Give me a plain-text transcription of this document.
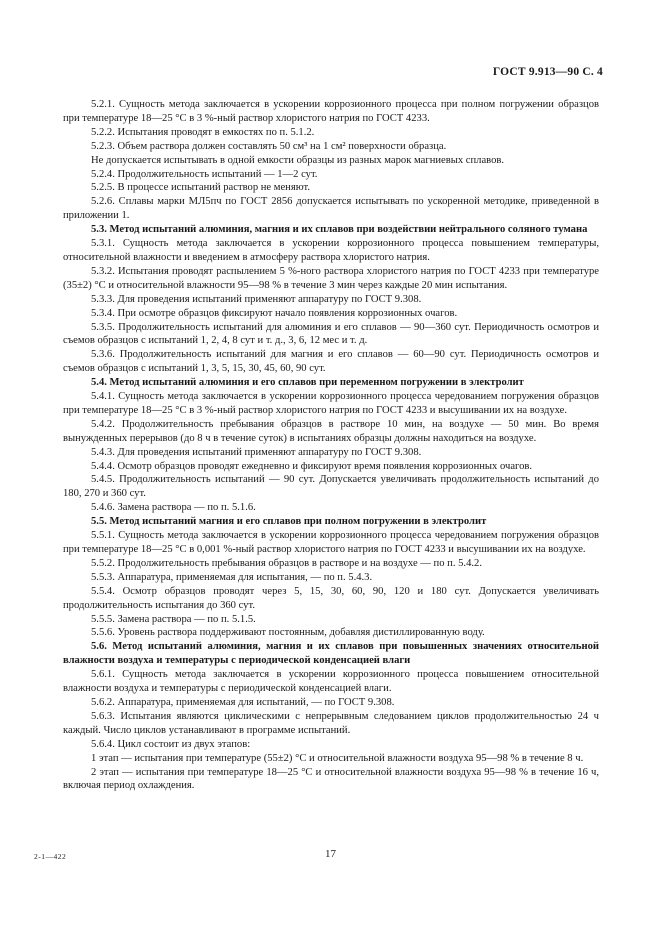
ГОСТ 9.913—90 С. 4

5.2.1. Сущность метода заключается в ускорении коррозионного процесса при полном погружении образцов при температуре 18—25 °С в 3 %-ный раствор хлористого натрия по ГОСТ 4233.

5.2.2. Испытания проводят в емкостях по п. 5.1.2.

5.2.3. Объем раствора должен составлять 50 см³ на 1 см² поверхности образца.

Не допускается испытывать в одной емкости образцы из разных марок магниевых сплавов.

5.2.4. Продолжительность испытаний — 1—2 сут.

5.2.5. В процессе испытаний раствор не меняют.

5.2.6. Сплавы марки МЛ5пч по ГОСТ 2856 допускается испытывать по ускоренной методике, приведенной в приложении 1.

5.3. Метод испытаний алюминия, магния и их сплавов при воздействии нейтрального соляного тумана

5.3.1. Сущность метода заключается в ускорении коррозионного процесса повышением температуры, относительной влажности и введением в атмосферу раствора хлористого натрия.

5.3.2. Испытания проводят распылением 5 %-ного раствора хлористого натрия по ГОСТ 4233 при температуре (35±2) °С и относительной влажности 95—98 % в течение 3 мин через каждые 20 мин испытания.

5.3.3. Для проведения испытаний применяют аппаратуру по ГОСТ 9.308.

5.3.4. При осмотре образцов фиксируют начало появления коррозионных очагов.

5.3.5. Продолжительность испытаний для алюминия и его сплавов — 90—360 сут. Периодичность осмотров и съемов образцов с испытаний 1, 2, 4, 8 сут и т. д., 3, 6, 12 мес и т. д.

5.3.6. Продолжительность испытаний для магния и его сплавов — 60—90 сут. Периодичность осмотров и съемов образцов с испытаний 1, 3, 5, 15, 30, 45, 60, 90 сут.

5.4. Метод испытаний алюминия и его сплавов при переменном погружении в электролит

5.4.1. Сущность метода заключается в ускорении коррозионного процесса чередованием погружения образцов при температуре 18—25 °С в 3 %-ный раствор хлористого натрия по ГОСТ 4233 и высушивании их на воздухе.

5.4.2. Продолжительность пребывания образцов в растворе 10 мин, на воздухе — 50 мин. Во время вынужденных перерывов (до 8 ч в течение суток) в испытаниях образцы должны находиться на воздухе.

5.4.3. Для проведения испытаний применяют аппаратуру по ГОСТ 9.308.

5.4.4. Осмотр образцов проводят ежедневно и фиксируют время появления коррозионных очагов.

5.4.5. Продолжительность испытаний — 90 сут. Допускается увеличивать продолжительность испытаний до 180, 270 и 360 сут.

5.4.6. Замена раствора — по п. 5.1.6.

5.5. Метод испытаний магния и его сплавов при полном погружении в электролит

5.5.1. Сущность метода заключается в ускорении коррозионного процесса чередованием погружения образцов при температуре 18—25 °С в 0,001 %-ный раствор хлористого натрия по ГОСТ 4233 и высушивании их на воздухе.

5.5.2. Продолжительность пребывания образцов в растворе и на воздухе — по п. 5.4.2.

5.5.3. Аппаратура, применяемая для испытания, — по п. 5.4.3.

5.5.4. Осмотр образцов проводят через 5, 15, 30, 60, 90, 120 и 180 сут. Допускается увеличивать продолжительность испытания до 360 сут.

5.5.5. Замена раствора — по п. 5.1.5.

5.5.6. Уровень раствора поддерживают постоянным, добавляя дистиллированную воду.

5.6. Метод испытаний алюминия, магния и их сплавов при повышенных значениях относительной влажности воздуха и температуры с периодической конденсацией влаги

5.6.1. Сущность метода заключается в ускорении коррозионного процесса повышением относительной влажности воздуха и температуры с периодической конденсацией влаги.

5.6.2. Аппаратура, применяемая для испытаний, — по ГОСТ 9.308.

5.6.3. Испытания являются циклическими с непрерывным следованием циклов продолжительностью 24 ч каждый. Число циклов устанавливают в программе испытаний.

5.6.4. Цикл состоит из двух этапов:

1 этап — испытания при температуре (55±2) °С и относительной влажности воздуха 95—98 % в течение 8 ч.

2 этап — испытания при температуре 18—25 °С и относительной влажности воздуха 95—98 % в течение 16 ч, включая период охлаждения.

17
2-1—422
